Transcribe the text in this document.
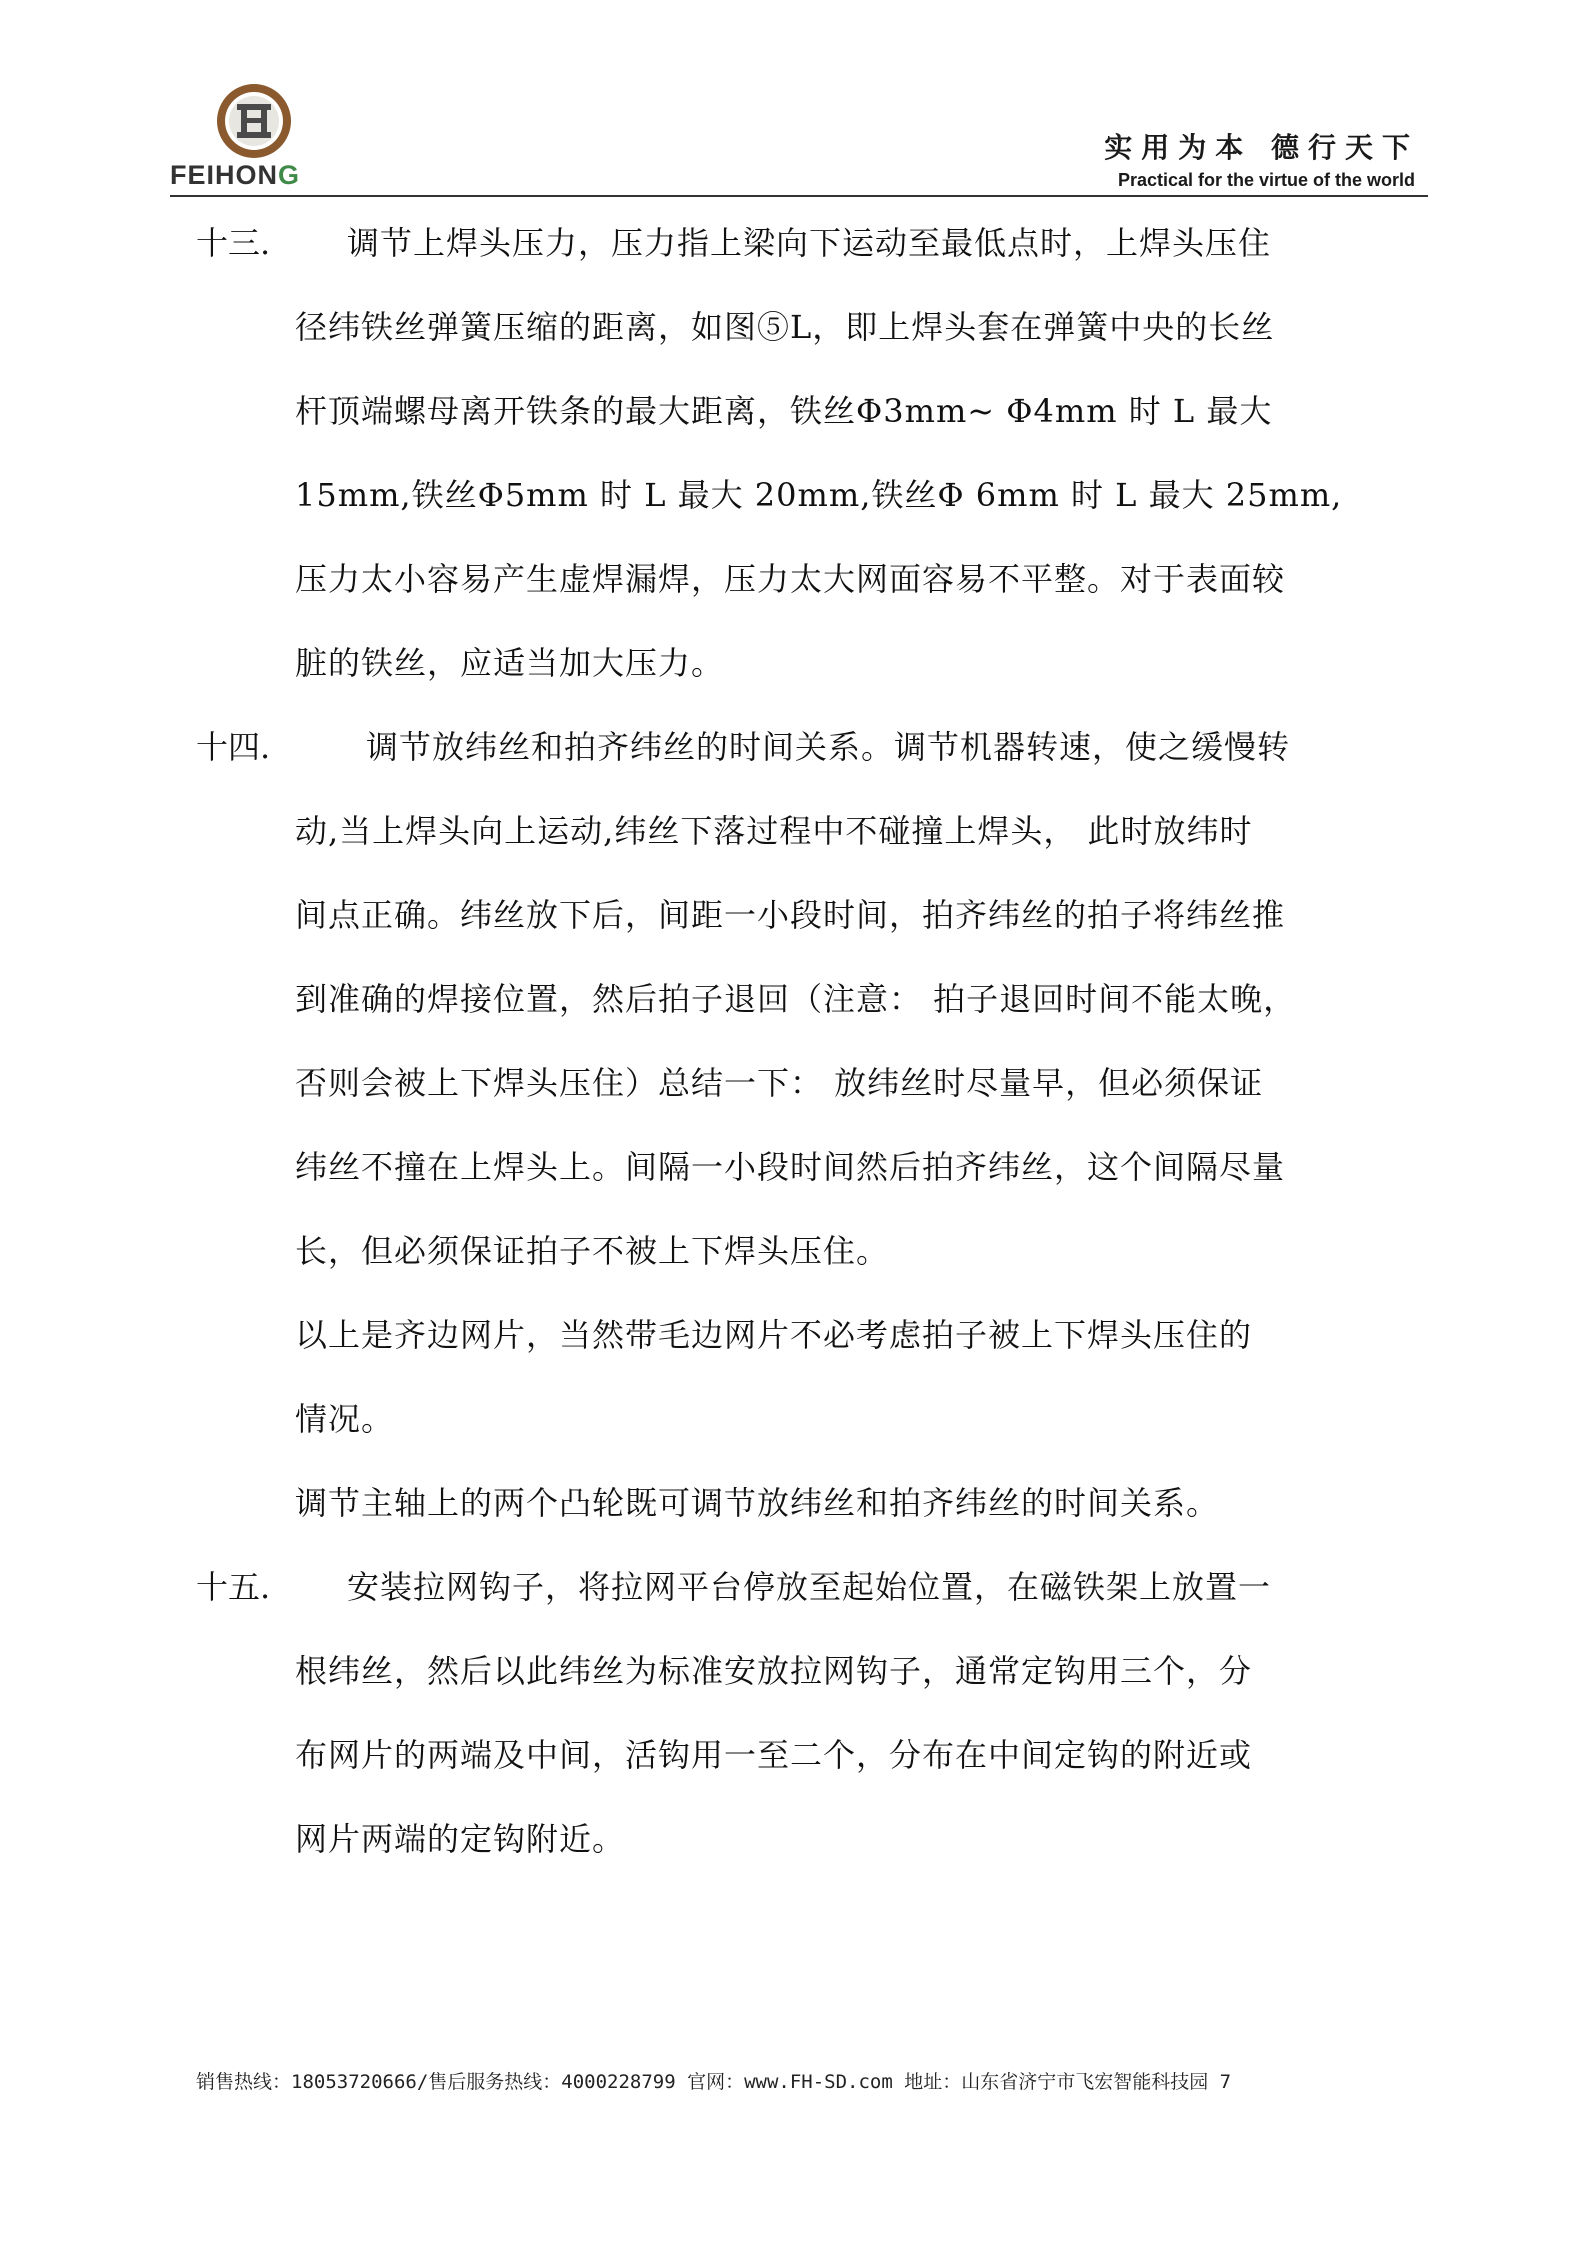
FEIHONG
实用为本 德行天下
Practical for the virtue of the world
十三. 调节上焊头压力，压力指上梁向下运动至最低点时，上焊头压住
径纬铁丝弹簧压缩的距离，如图⑤L，即上焊头套在弹簧中央的长丝
杆顶端螺母离开铁条的最大距离，铁丝Φ3mm~ Φ4mm 时 L 最大
15mm,铁丝Φ5mm 时 L 最大 20mm,铁丝Φ 6mm 时 L 最大 25mm,
压力太小容易产生虚焊漏焊，压力太大网面容易不平整。对于表面较
脏的铁丝，应适当加大压力。
十四.	调节放纬丝和拍齐纬丝的时间关系。调节机器转速，使之缓慢转
动,当上焊头向上运动,纬丝下落过程中不碰撞上焊头， 此时放纬时
间点正确。纬丝放下后，间距一小段时间，拍齐纬丝的拍子将纬丝推
到准确的焊接位置，然后拍子退回（注意： 拍子退回时间不能太晚，
否则会被上下焊头压住）总结一下： 放纬丝时尽量早，但必须保证
纬丝不撞在上焊头上。间隔一小段时间然后拍齐纬丝，这个间隔尽量
长，但必须保证拍子不被上下焊头压住。
以上是齐边网片，当然带毛边网片不必考虑拍子被上下焊头压住的
情况。
调节主轴上的两个凸轮既可调节放纬丝和拍齐纬丝的时间关系。
十五. 安装拉网钩子，将拉网平台停放至起始位置，在磁铁架上放置一
根纬丝，然后以此纬丝为标准安放拉网钩子，通常定钩用三个，分
布网片的两端及中间，活钩用一至二个，分布在中间定钩的附近或
网片两端的定钩附近。
销售热线：18053720666/售后服务热线：4000228799 官网：www.FH-SD.com 地址：山东省济宁市飞宏智能科技园 7
